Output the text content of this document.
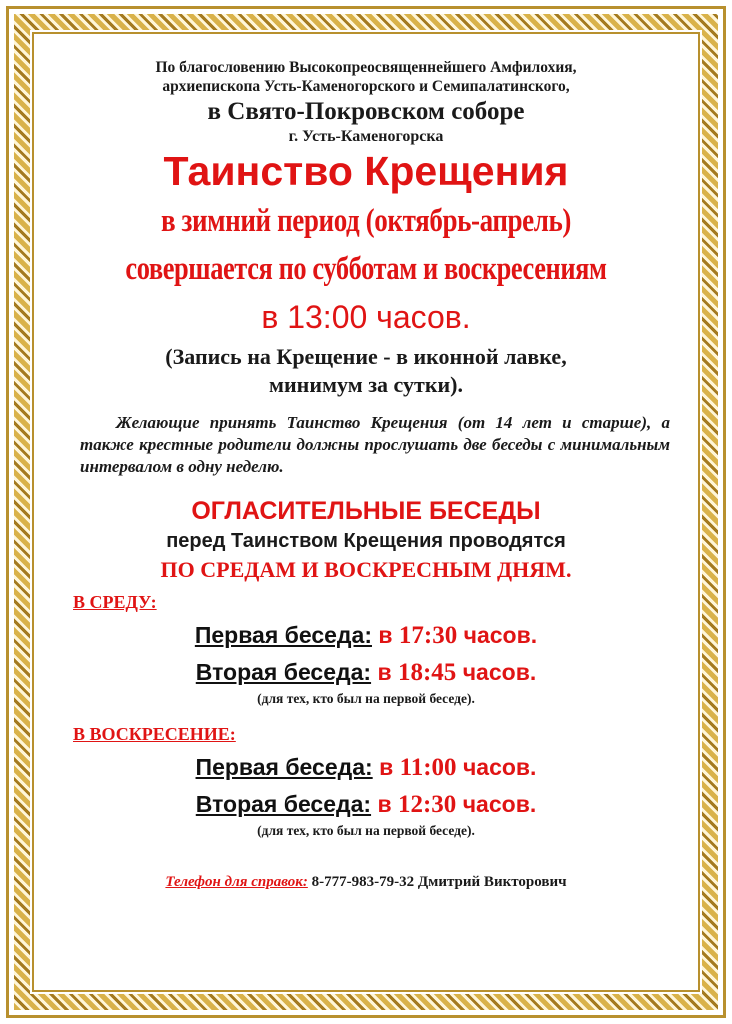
По благословению Высокопреосвященнейшего Амфилохия,

архиепископа Усть-Каменогорского и Семипалатинского,

в Свято-Покровском соборе

г. Усть-Каменогорска

Таинство Крещения

в зимний период (октябрь-апрель)

совершается по субботам и воскресениям

в 13:00 часов.

(Запись на Крещение - в иконной лавке,

минимум за сутки).

Желающие принять Таинство Крещения (от 14 лет и старше), а также крестные родители должны прослушать две беседы с минимальным интервалом в одну неделю.

ОГЛАСИТЕЛЬНЫЕ БЕСЕДЫ

перед Таинством Крещения проводятся

ПО СРЕДАМ И ВОСКРЕСНЫМ ДНЯМ.

В СРЕДУ:

Первая беседа: в 17:30 часов.
Вторая беседа: в 18:45 часов.

(для тех, кто был на первой беседе).

В ВОСКРЕСЕНИЕ:

Первая беседа: в 11:00 часов.
Вторая беседа: в 12:30 часов.

(для тех, кто был на первой беседе).

Телефон для справок: 8-777-983-79-32 Дмитрий Викторович
